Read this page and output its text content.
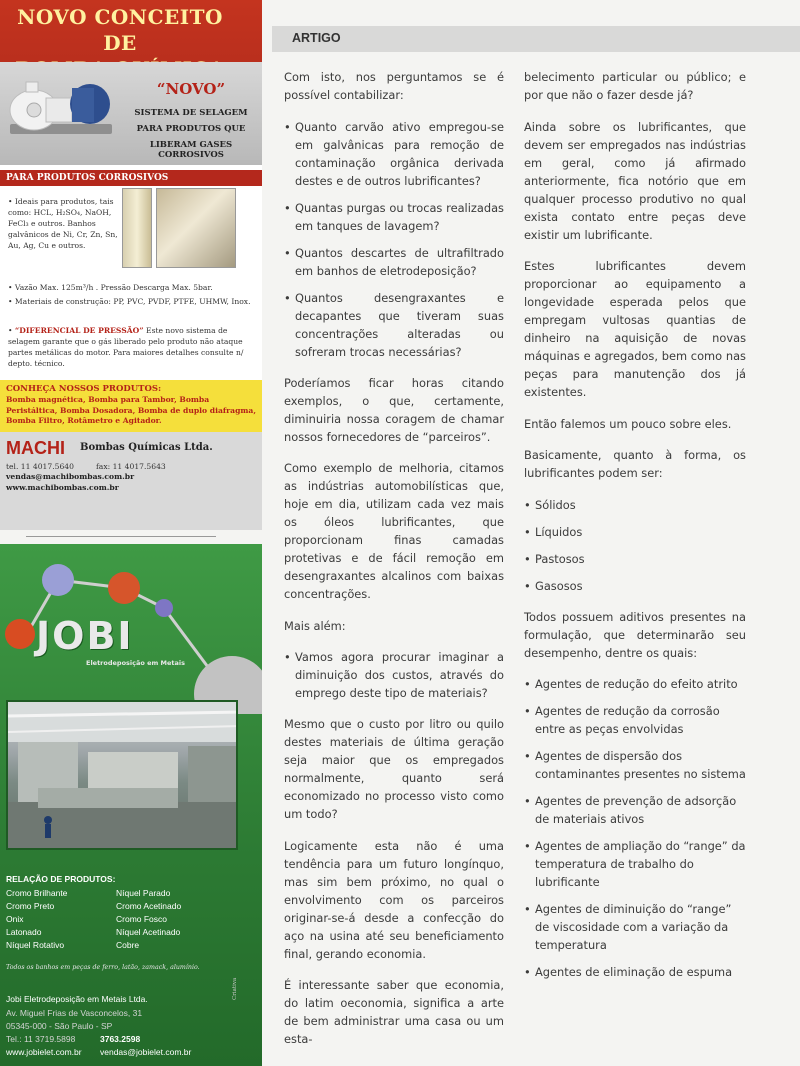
NOVO CONCEITO DE
“NOVO”
SISTEMA DE SELAGEM
PARA PRODUTOS QUE
LIBERAM GASES CORROSIVOS
PARA PRODUTOS CORROSIVOS
• Ideais para produtos, tais como: HCL, H₂SO₄, NaOH, FeCl₃ e outros. Banhos galvânicos de Ni, Cr, Zn, Sn, Au, Ag, Cu e outros.
• Vazão Max. 125m³/h . Pressão Descarga Max. 5bar.
• Materiais de construção: PP, PVC, PVDF, PTFE, UHMW, Inox.
• “DIFERENCIAL DE PRESSÃO” Este novo sistema de selagem garante que o gás liberado pelo produto não ataque partes metálicas do motor. Para maiores detalhes consulte n/ depto. técnico.
CONHEÇA NOSSOS PRODUTOS:
Bomba magnética, Bomba para Tambor, Bomba Peristáltica, Bomba Dosadora, Bomba de duplo diafragma, Bomba Filtro, Rotâmetro e Agitador.
MACHI Bombas Químicas Ltda.
tel. 11 4017.5640	fax: 11 4017.5643
vendas@machibombas.com.br
www.machibombas.com.br
JOBI
Eletrodeposição em Metais
RELAÇÃO DE PRODUTOS:
Cromo Brilhante
Cromo Preto
Onix
Latonado
Níquel Rotativo
Níquel Parado
Cromo Acetinado
Cromo Fosco
Níquel Acetinado
Cobre
Todos os banhos em peças de ferro, latão, zamack, alumínio.
Jobi Eletrodeposição em Metais Ltda.
Av. Miguel Frias de Vasconcelos, 31
05345-000 - São Paulo - SP
Tel.: 11 3719.5898	3763.2598
www.jobielet.com.br vendas@jobielet.com.br
Criativa
ARTIGO

Com isto, nos perguntamos se é possível contabilizar:

• Quanto carvão ativo empregou-se em galvânicas para remoção de contaminação orgânica derivada destes e de outros lubrificantes?
• Quantas purgas ou trocas realizadas em tanques de lavagem?
• Quantos descartes de ultrafiltrado em banhos de eletrodeposição?
• Quantos desengraxantes e decapantes que tiveram suas concentrações alteradas ou sofreram trocas necessárias?

Poderíamos ficar horas citando exemplos, o que, certamente, diminuiria nossa coragem de chamar nossos fornecedores de “parceiros”.

Como exemplo de melhoria, citamos as indústrias automobilísticas que, hoje em dia, utilizam cada vez mais os óleos lubrificantes, que proporcionam finas camadas protetivas e de fácil remoção em desengraxantes alcalinos com baixas concentrações.

Mais além:

• Vamos agora procurar imaginar a diminuição dos custos, através do emprego deste tipo de materiais?

Mesmo que o custo por litro ou quilo destes materiais de última geração seja maior que os empregados normalmente, quanto será economizado no processo visto como um todo?

Logicamente esta não é uma tendência para um futuro longínquo, mas sim bem próximo, no qual o envolvimento com os parceiros originar-se-á desde a confecção do aço na usina até seu beneficiamento final, gerando economia.

É interessante saber que economia, do latim oeconomia, significa a arte de bem administrar uma casa ou um esta-

belecimento particular ou público; e por que não o fazer desde já?

Ainda sobre os lubrificantes, que devem ser empregados nas indústrias em geral, como já afirmado anteriormente, fica notório que em qualquer processo produtivo no qual exista contato entre peças deve existir um lubrificante.

Estes lubrificantes devem proporcionar ao equipamento a longevidade esperada pelos que empregam vultosas quantias de dinheiro na aquisição de novas máquinas e agregados, bem como nas peças para manutenção dos já existentes.

Então falemos um pouco sobre eles.

Basicamente, quanto à forma, os lubrificantes podem ser:

• Sólidos
• Líquidos
• Pastosos
• Gasosos

Todos possuem aditivos presentes na formulação, que determinarão seu desempenho, dentre os quais:

• Agentes de redução do efeito atrito
• Agentes de redução da corrosão entre as peças envolvidas
• Agentes de dispersão dos contaminantes presentes no sistema
• Agentes de prevenção de adsorção de materiais ativos
• Agentes de ampliação do “range” da temperatura de trabalho do lubrificante
• Agentes de diminuição do “range” de viscosidade com a variação da temperatura
• Agentes de eliminação de espuma
